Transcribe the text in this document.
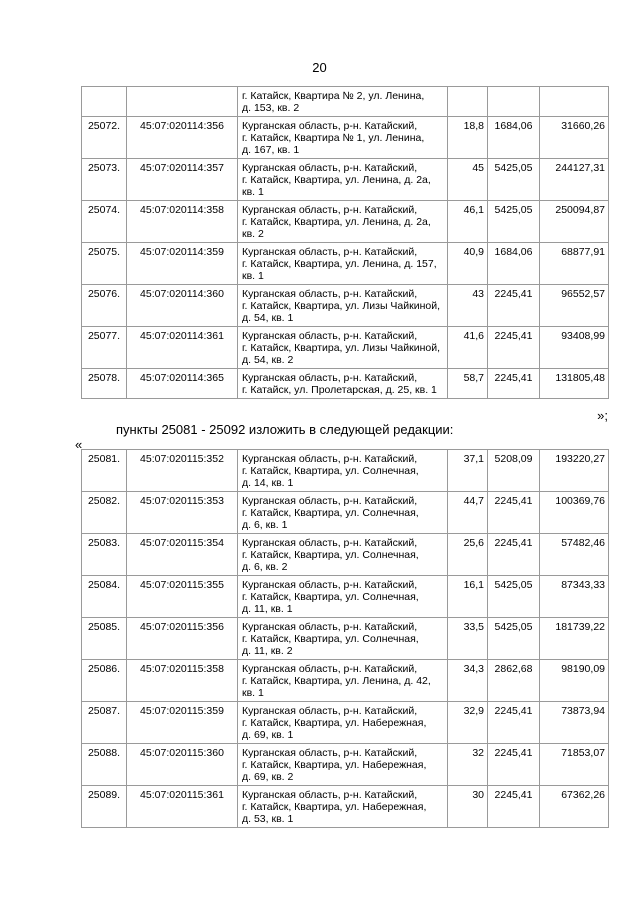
20
		г. Катайск, Квартира № 2, ул. Ленина,
д. 153, кв. 2			
25072.	45:07:020114:356	Курганская область, р-н. Катайский,
г. Катайск, Квартира № 1, ул. Ленина,
д. 167, кв. 1	18,8	1684,06	31660,26
25073.	45:07:020114:357	Курганская область, р-н. Катайский,
г. Катайск, Квартира, ул. Ленина, д. 2а,
кв. 1	45	5425,05	244127,31
25074.	45:07:020114:358	Курганская область, р-н. Катайский,
г. Катайск, Квартира, ул. Ленина, д. 2а,
кв. 2	46,1	5425,05	250094,87
25075.	45:07:020114:359	Курганская область, р-н. Катайский,
г. Катайск, Квартира, ул. Ленина, д. 157,
кв. 1	40,9	1684,06	68877,91
25076.	45:07:020114:360	Курганская область, р-н. Катайский,
г. Катайск, Квартира, ул. Лизы Чайкиной,
д. 54, кв. 1	43	2245,41	96552,57
25077.	45:07:020114:361	Курганская область, р-н. Катайский,
г. Катайск, Квартира, ул. Лизы Чайкиной,
д. 54, кв. 2	41,6	2245,41	93408,99
25078.	45:07:020114:365	Курганская область, р-н. Катайский,
г. Катайск, ул. Пролетарская, д. 25, кв. 1	58,7	2245,41	131805,48
»;
пункты 25081 - 25092 изложить в следующей редакции:
«
25081.	45:07:020115:352	Курганская область, р-н. Катайский,
г. Катайск, Квартира, ул. Солнечная,
д. 14, кв. 1	37,1	5208,09	193220,27
25082.	45:07:020115:353	Курганская область, р-н. Катайский,
г. Катайск, Квартира, ул. Солнечная,
д. 6, кв. 1	44,7	2245,41	100369,76
25083.	45:07:020115:354	Курганская область, р-н. Катайский,
г. Катайск, Квартира, ул. Солнечная,
д. 6, кв. 2	25,6	2245,41	57482,46
25084.	45:07:020115:355	Курганская область, р-н. Катайский,
г. Катайск, Квартира, ул. Солнечная,
д. 11, кв. 1	16,1	5425,05	87343,33
25085.	45:07:020115:356	Курганская область, р-н. Катайский,
г. Катайск, Квартира, ул. Солнечная,
д. 11, кв. 2	33,5	5425,05	181739,22
25086.	45:07:020115:358	Курганская область, р-н. Катайский,
г. Катайск, Квартира, ул. Ленина, д. 42,
кв. 1	34,3	2862,68	98190,09
25087.	45:07:020115:359	Курганская область, р-н. Катайский,
г. Катайск, Квартира, ул. Набережная,
д. 69, кв. 1	32,9	2245,41	73873,94
25088.	45:07:020115:360	Курганская область, р-н. Катайский,
г. Катайск, Квартира, ул. Набережная,
д. 69, кв. 2	32	2245,41	71853,07
25089.	45:07:020115:361	Курганская область, р-н. Катайский,
г. Катайск, Квартира, ул. Набережная,
д. 53, кв. 1	30	2245,41	67362,26
